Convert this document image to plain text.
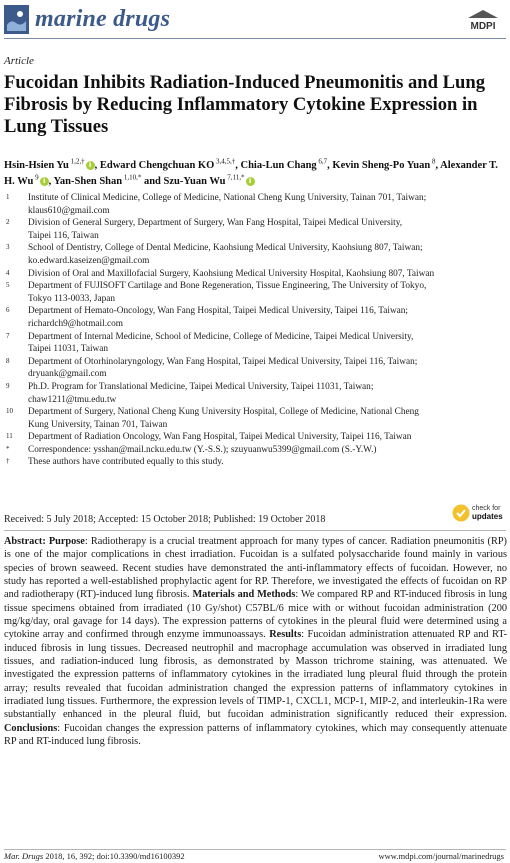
marine drugs	MDPI
Article
Fucoidan Inhibits Radiation-Induced Pneumonitis and Lung Fibrosis by Reducing Inflammatory Cytokine Expression in Lung Tissues
Hsin-Hsien Yu $^{1,2,\dagger}$ i , Edward Chengchuan KO $^{3,4,5,\dagger}$, Chia-Lun Chang $^{6,7}$, Kevin Sheng-Po Yuan $^8$, Alexander T. H. Wu $^9$ i , Yan-Shen Shan $^{1,10,*}$ and Szu-Yuan Wu $^{7,11,*}$ i
1	Institute of Clinical Medicine, College of Medicine, National Cheng Kung University, Tainan 701, Taiwan;
klaus610@gmail.com
2	Division of General Surgery, Department of Surgery, Wan Fang Hospital, Taipei Medical University,
Taipei 116, Taiwan
3	School of Dentistry, College of Dental Medicine, Kaohsiung Medical University, Kaohsiung 807, Taiwan;
ko.edward.kaseizen@gmail.com
4	Division of Oral and Maxillofacial Surgery, Kaohsiung Medical University Hospital, Kaohsiung 807, Taiwan
5	Department of FUJISOFT Cartilage and Bone Regeneration, Tissue Engineering, The University of Tokyo,
Tokyo 113-0033, Japan
6	Department of Hemato-Oncology, Wan Fang Hospital, Taipei Medical University, Taipei 116, Taiwan;
richardch9@hotmail.com
7	Department of Internal Medicine, School of Medicine, College of Medicine, Taipei Medical University,
Taipei 11031, Taiwan
8	Department of Otorhinolaryngology, Wan Fang Hospital, Taipei Medical University, Taipei 116, Taiwan;
dryuank@gmail.com
9	Ph.D. Program for Translational Medicine, Taipei Medical University, Taipei 11031, Taiwan;
chaw1211@tmu.edu.tw
10	Department of Surgery, National Cheng Kung University Hospital, College of Medicine, National Cheng
Kung University, Tainan 701, Taiwan
11	Department of Radiation Oncology, Wan Fang Hospital, Taipei Medical University, Taipei 116, Taiwan
*	Correspondence: ysshan@mail.ncku.edu.tw (Y.-S.S.); szuyuanwu5399@gmail.com (S.-Y.W.)
†	These authors have contributed equally to this study.
check for
updates
Received: 5 July 2018; Accepted: 15 October 2018; Published: 19 October 2018
Abstract: Purpose: Radiotherapy is a crucial treatment approach for many types of cancer. Radiation pneumonitis (RP) is one of the major complications in chest irradiation. Fucoidan is a sulfated polysaccharide found mainly in various species of brown seaweed. Recent studies have demonstrated the anti-inflammatory effects of fucoidan. However, no study has reported a well-established prophylactic agent for RP. Therefore, we investigated the effects of fucoidan on RP and radiotherapy (RT)-induced lung fibrosis. Materials and Methods: We compared RP and RT-induced fibrosis in lung tissue specimens obtained from irradiated (10 Gy/shot) C57BL/6 mice with or without fucoidan administration (200 mg/kg/day, oral gavage for 14 days). The expression patterns of cytokines in the pleural fluid were determined using a cytokine array and confirmed through enzyme immunoassays. Results: Fucoidan administration attenuated RP and RT-induced fibrosis in lung tissues. Decreased neutrophil and macrophage accumulation was observed in irradiated lung tissues, and radiation-induced lung fibrosis, as demonstrated by Masson trichrome staining, was attenuated. We investigated the expression patterns of inflammatory cytokines in the irradiated lung pleural fluid through the protein array; results revealed that fucoidan administration changed the expression patterns of inflammatory cytokines in irradiated lung tissues. Furthermore, the expression levels of TIMP-1, CXCL1, MCP-1, MIP-2, and interleukin-1Ra were substantially enhanced in the pleural fluid, but fucoidan administration significantly reduced their expression. Conclusions: Fucoidan changes the expression patterns of inflammatory cytokines, which may consequently attenuate RP and RT-induced lung fibrosis.
Mar. Drugs 2018, 16, 392; doi:10.3390/md16100392	www.mdpi.com/journal/marinedrugs
